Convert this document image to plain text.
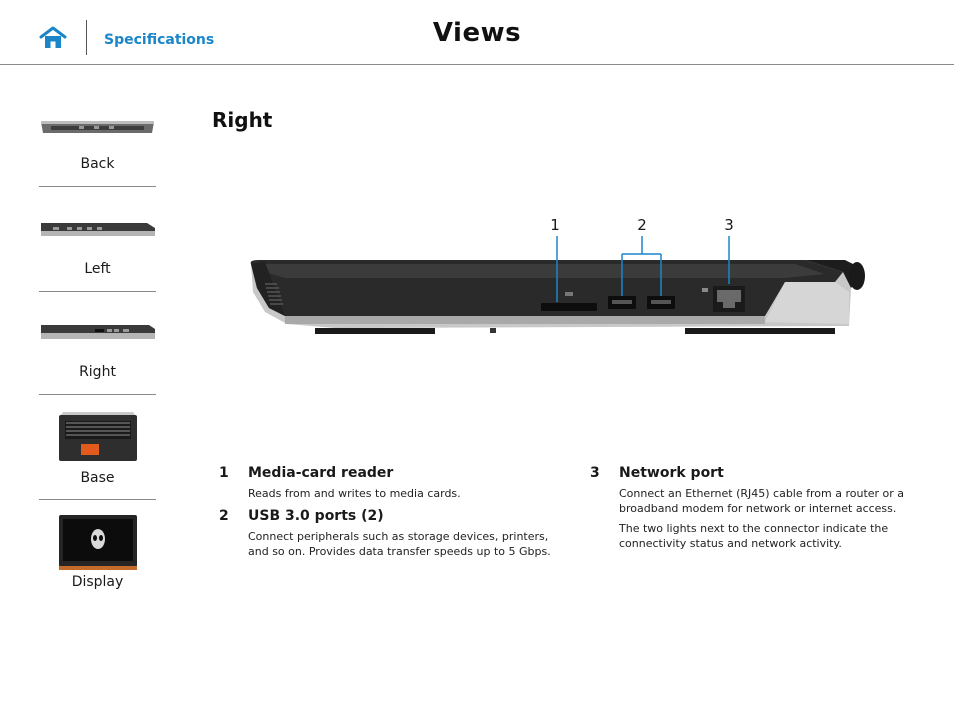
Specifications	Views
Back
Left
Right
Base
Display
Right
1	2	3
1 Media-card reader
Reads from and writes to media cards.
2 USB 3.0 ports (2)
Connect peripherals such as storage devices, printers, and so on. Provides data transfer speeds up to 5 Gbps.
3 Network port
Connect an Ethernet (RJ45) cable from a router or a broadband modem for network or internet access.
The two lights next to the connector indicate the connectivity status and network activity.
